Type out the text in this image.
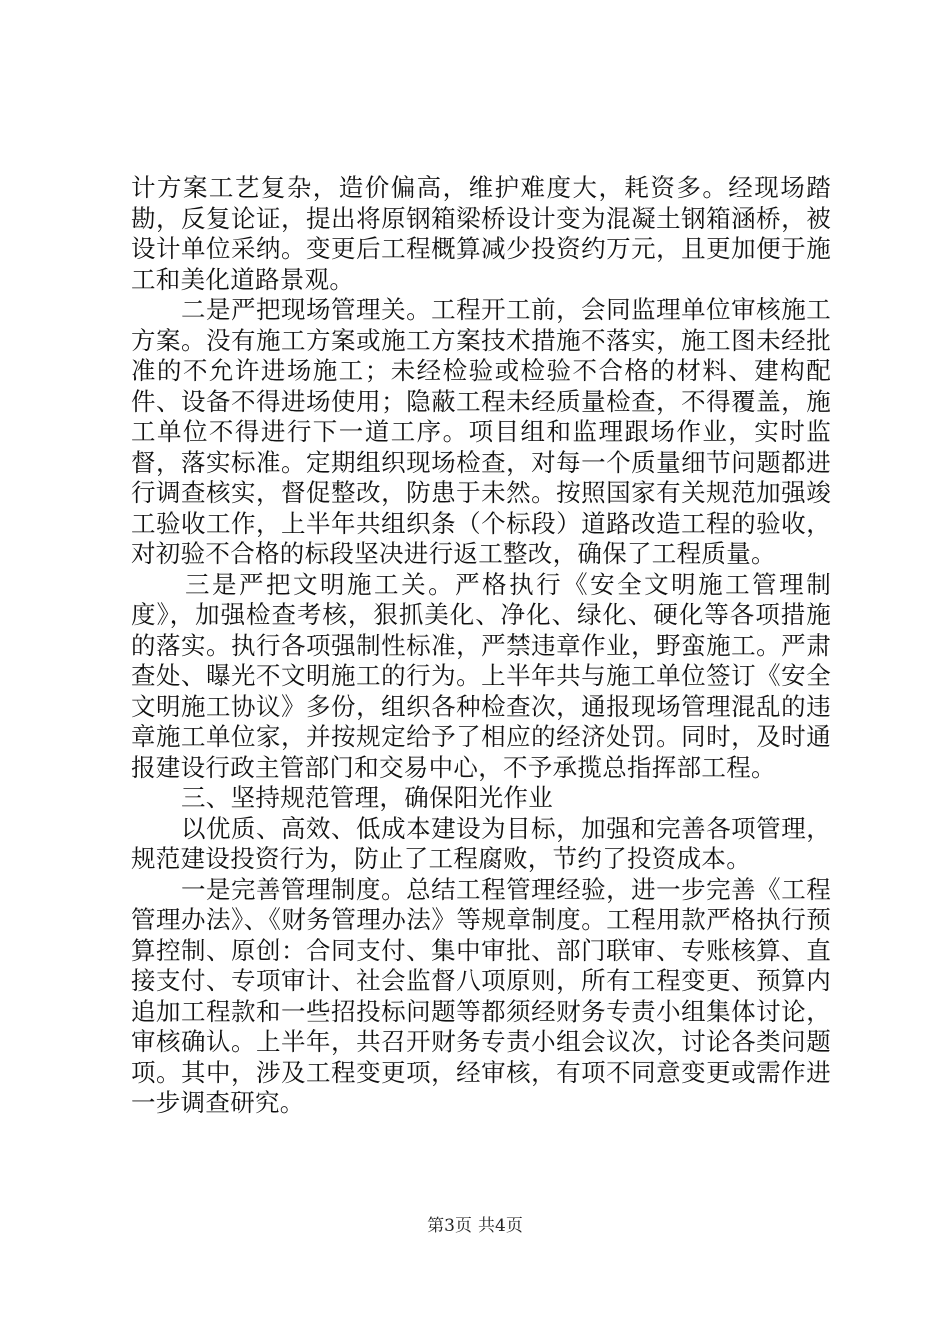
计方案工艺复杂，造价偏高，维护难度大，耗资多。经现场踏勘，反复论证，提出将原钢箱梁桥设计变为混凝土钢箱涵桥，被设计单位采纳。变更后工程概算减少投资约万元，且更加便于施工和美化道路景观。

二是严把现场管理关。工程开工前，会同监理单位审核施工方案。没有施工方案或施工方案技术措施不落实，施工图未经批准的不允许进场施工；未经检验或检验不合格的材料、建构配件、设备不得进场使用；隐蔽工程未经质量检查，不得覆盖，施工单位不得进行下一道工序。项目组和监理跟场作业，实时监督，落实标准。定期组织现场检查，对每一个质量细节问题都进行调查核实，督促整改，防患于未然。按照国家有关规范加强竣工验收工作，上半年共组织条（个标段）道路改造工程的验收，对初验不合格的标段坚决进行返工整改，确保了工程质量。

三是严把文明施工关。严格执行《安全文明施工管理制度》，加强检查考核，狠抓美化、净化、绿化、硬化等各项措施的落实。执行各项强制性标准，严禁违章作业，野蛮施工。严肃查处、曝光不文明施工的行为。上半年共与施工单位签订《安全文明施工协议》多份，组织各种检查次，通报现场管理混乱的违章施工单位家，并按规定给予了相应的经济处罚。同时，及时通报建设行政主管部门和交易中心，不予承揽总指挥部工程。

三、坚持规范管理，确保阳光作业

以优质、高效、低成本建设为目标，加强和完善各项管理，规范建设投资行为，防止了工程腐败，节约了投资成本。

一是完善管理制度。总结工程管理经验，进一步完善《工程管理办法》、《财务管理办法》等规章制度。工程用款严格执行预算控制、原创：合同支付、集中审批、部门联审、专账核算、直接支付、专项审计、社会监督八项原则，所有工程变更、预算内追加工程款和一些招投标问题等都须经财务专责小组集体讨论，审核确认。上半年，共召开财务专责小组会议次，讨论各类问题项。其中，涉及工程变更项，经审核，有项不同意变更或需作进一步调查研究。

第3页 共4页
